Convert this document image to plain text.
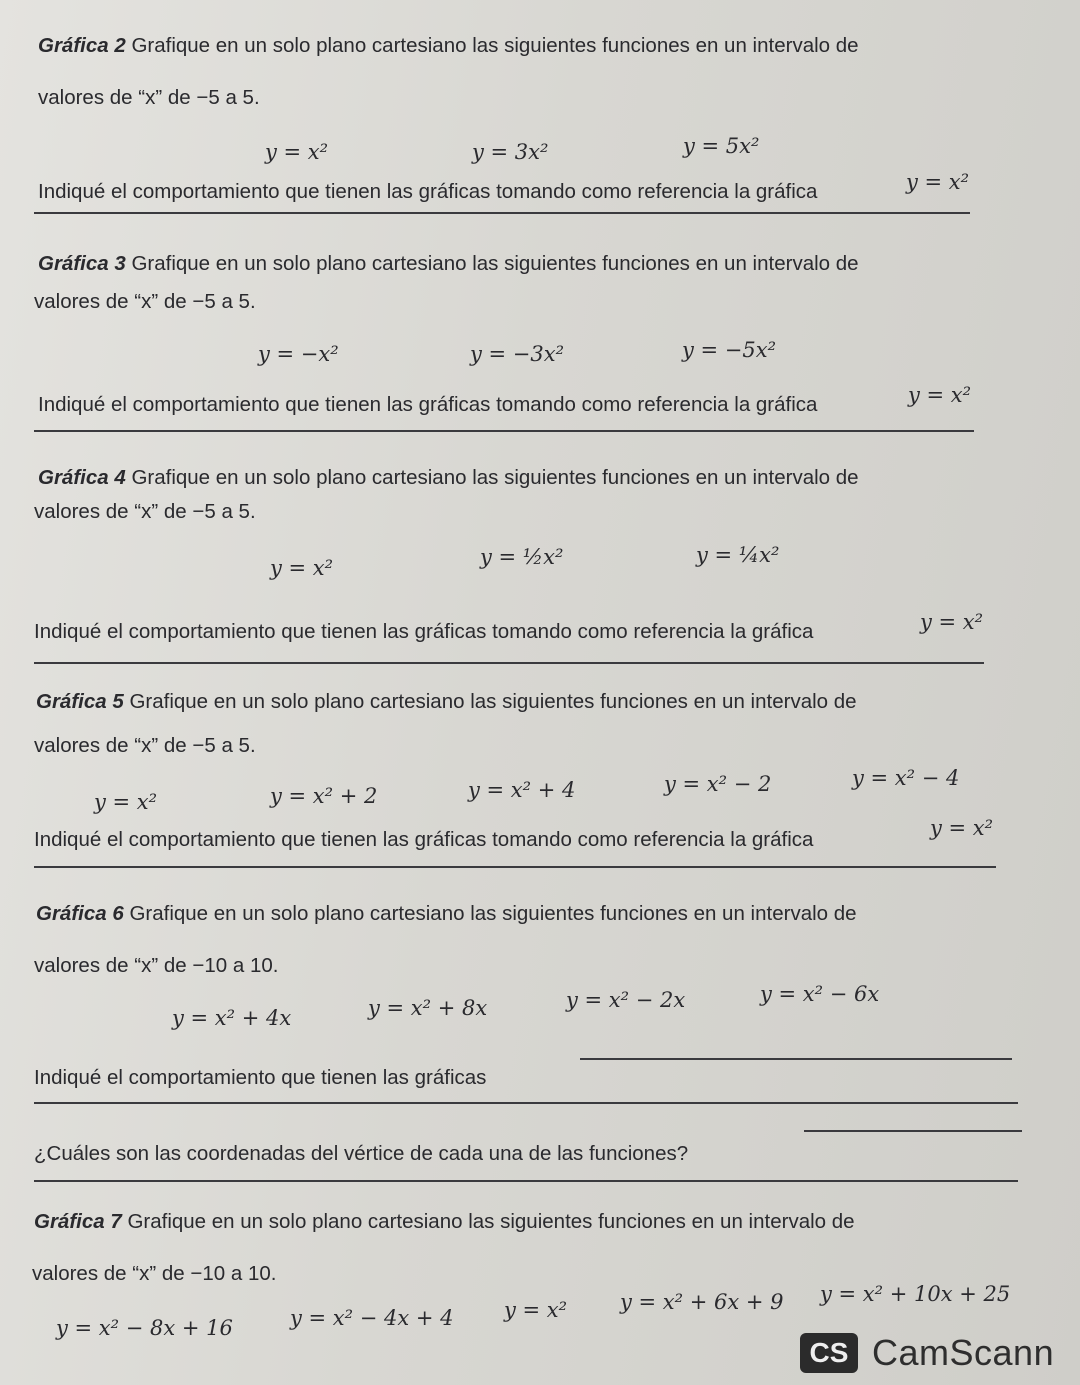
Gráfica 2 Grafique en un solo plano cartesiano las siguientes funciones en un intervalo de
valores de “x” de −5 a 5.
y = x²	y = 3x²	y = 5x²
Indiqué el comportamiento que tienen las gráficas tomando como referencia la gráfica	y = x²
Gráfica 3 Grafique en un solo plano cartesiano las siguientes funciones en un intervalo de
valores de “x” de −5 a 5.
y = −x²	y = −3x²	y = −5x²
Indiqué el comportamiento que tienen las gráficas tomando como referencia la gráfica	y = x²
Gráfica 4 Grafique en un solo plano cartesiano las siguientes funciones en un intervalo de
valores de “x” de −5 a 5.
y = x²	y = ½x²	y = ¼x²
Indiqué el comportamiento que tienen las gráficas tomando como referencia la gráfica	y = x²
Gráfica 5 Grafique en un solo plano cartesiano las siguientes funciones en un intervalo de
valores de “x” de −5 a 5.
y = x²	y = x² + 2	y = x² + 4	y = x² − 2	y = x² − 4
Indiqué el comportamiento que tienen las gráficas tomando como referencia la gráfica	y = x²
Gráfica 6 Grafique en un solo plano cartesiano las siguientes funciones en un intervalo de
valores de “x” de −10 a 10.
y = x² + 4x	y = x² + 8x	y = x² − 2x	y = x² − 6x
Indiqué el comportamiento que tienen las gráficas
¿Cuáles son las coordenadas del vértice de cada una de las funciones?
Gráfica 7 Grafique en un solo plano cartesiano las siguientes funciones en un intervalo de
valores de “x” de −10 a 10.
y = x² − 8x + 16	y = x² − 4x + 4 y = x²	y = x² + 6x + 9 y = x² + 10x + 25
CS CamScann
